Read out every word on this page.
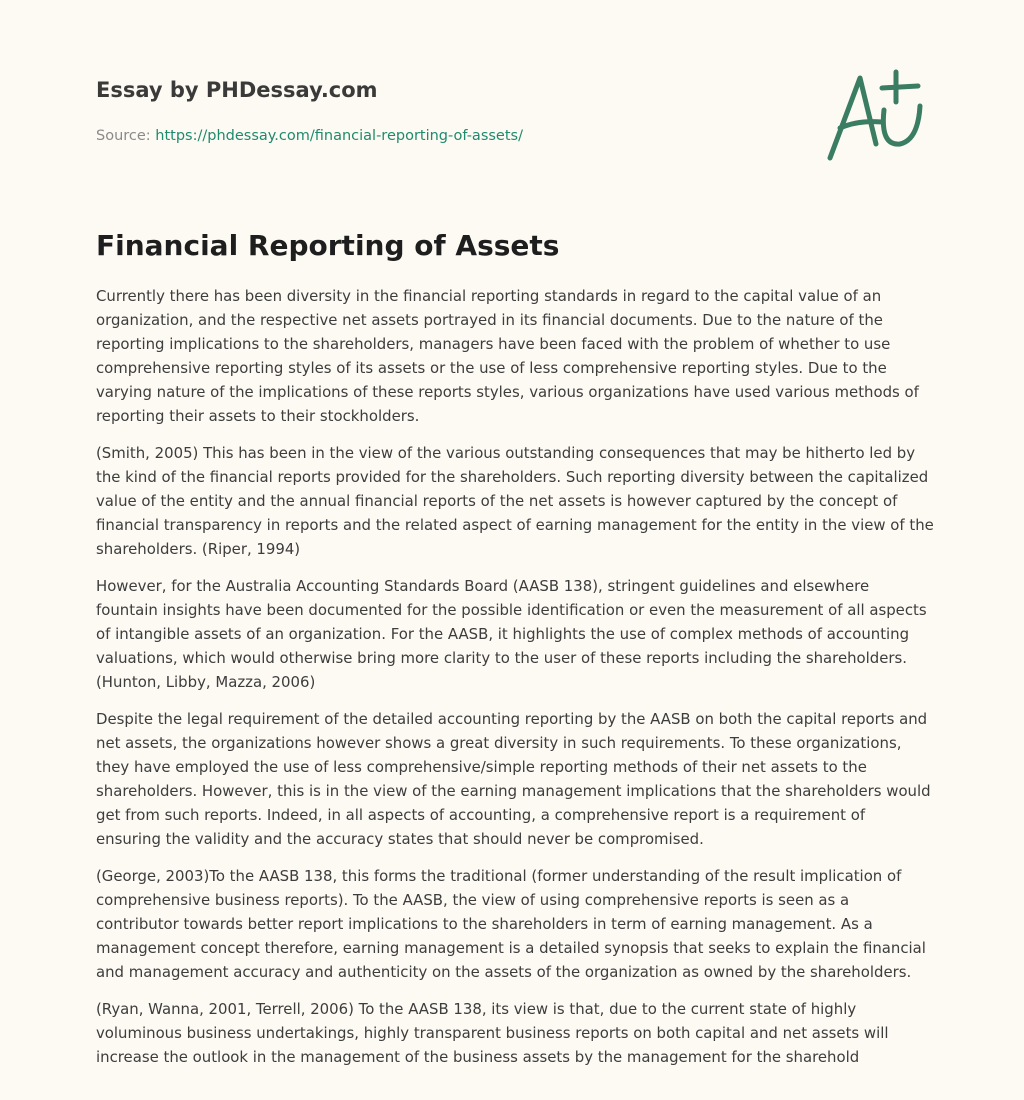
Essay by PHDessay.com
Source: https://phdessay.com/financial-reporting-of-assets/
Financial Reporting of Assets

Currently there has been diversity in the financial reporting standards in regard to the capital value of an organization, and the respective net assets portrayed in its financial documents. Due to the nature of the reporting implications to the shareholders, managers have been faced with the problem of whether to use comprehensive reporting styles of its assets or the use of less comprehensive reporting styles. Due to the varying nature of the implications of these reports styles, various organizations have used various methods of reporting their assets to their stockholders.

(Smith, 2005) This has been in the view of the various outstanding consequences that may be hitherto led by the kind of the financial reports provided for the shareholders. Such reporting diversity between the capitalized value of the entity and the annual financial reports of the net assets is however captured by the concept of financial transparency in reports and the related aspect of earning management for the entity in the view of the shareholders. (Riper, 1994)

However, for the Australia Accounting Standards Board (AASB 138), stringent guidelines and elsewhere fountain insights have been documented for the possible identification or even the measurement of all aspects of intangible assets of an organization. For the AASB, it highlights the use of complex methods of accounting valuations, which would otherwise bring more clarity to the user of these reports including the shareholders. (Hunton, Libby, Mazza, 2006)

Despite the legal requirement of the detailed accounting reporting by the AASB on both the capital reports and net assets, the organizations however shows a great diversity in such requirements. To these organizations, they have employed the use of less comprehensive/simple reporting methods of their net assets to the shareholders. However, this is in the view of the earning management implications that the shareholders would get from such reports. Indeed, in all aspects of accounting, a comprehensive report is a requirement of ensuring the validity and the accuracy states that should never be compromised.

(George, 2003)To the AASB 138, this forms the traditional (former understanding of the result implication of comprehensive business reports). To the AASB, the view of using comprehensive reports is seen as a contributor towards better report implications to the shareholders in term of earning management. As a management concept therefore, earning management is a detailed synopsis that seeks to explain the financial and management accuracy and authenticity on the assets of the organization as owned by the shareholders.

(Ryan, Wanna, 2001, Terrell, 2006) To the AASB 138, its view is that, due to the current state of highly voluminous business undertakings, highly transparent business reports on both capital and net assets will increase the outlook in the management of the business assets by the management for the sharehold
